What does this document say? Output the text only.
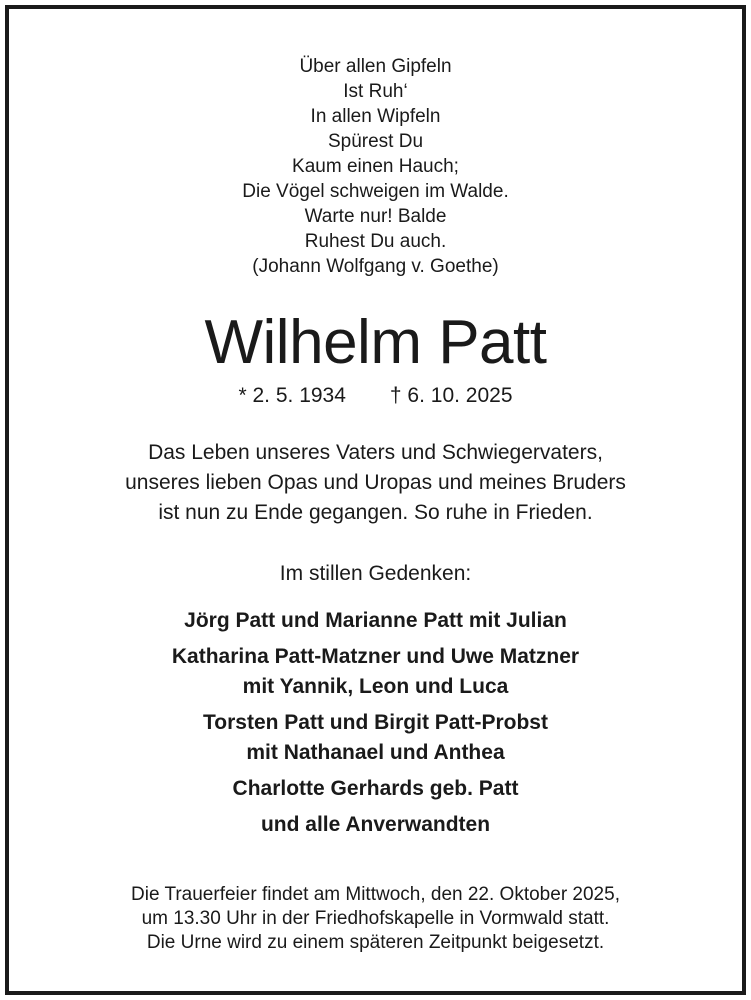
Über allen Gipfeln
Ist Ruh‘
In allen Wipfeln
Spürest Du
Kaum einen Hauch;
Die Vögel schweigen im Walde.
Warte nur! Balde
Ruhest Du auch.
(Johann Wolfgang v. Goethe)
Wilhelm Patt
* 2. 5. 1934 † 6. 10. 2025
Das Leben unseres Vaters und Schwiegervaters,
unseres lieben Opas und Uropas und meines Bruders
ist nun zu Ende gegangen. So ruhe in Frieden.
Im stillen Gedenken:
Jörg Patt und Marianne Patt mit Julian
Katharina Patt-Matzner und Uwe Matzner
mit Yannik, Leon und Luca
Torsten Patt und Birgit Patt-Probst
mit Nathanael und Anthea
Charlotte Gerhards geb. Patt
und alle Anverwandten
Die Trauerfeier findet am Mittwoch, den 22. Oktober 2025,
um 13.30 Uhr in der Friedhofskapelle in Vormwald statt.
Die Urne wird zu einem späteren Zeitpunkt beigesetzt.
